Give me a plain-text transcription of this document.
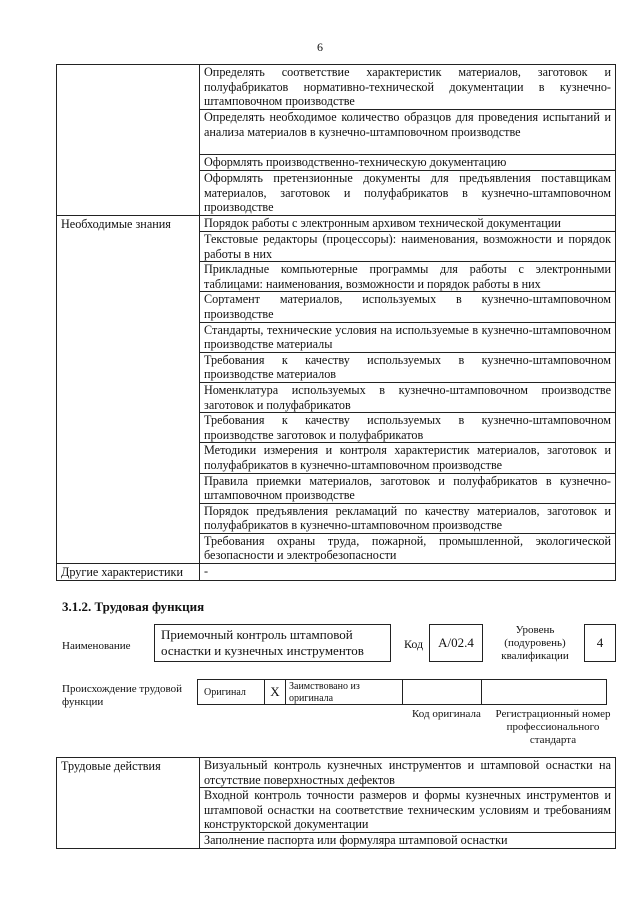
6
	Определять соответствие характеристик материалов, заготовок и полуфабрикатов нормативно-технической документации в кузнечно-штамповочном производстве
	Определять необходимое количество образцов для проведения испытаний и анализа материалов в кузнечно-штамповочном производстве
	Оформлять производственно-техническую документацию
	Оформлять претензионные документы для предъявления поставщикам материалов, заготовок и полуфабрикатов в кузнечно-штамповочном производстве
Необходимые знания	Порядок работы с электронным архивом технической документации
	Текстовые редакторы (процессоры): наименования, возможности и порядок работы в них
	Прикладные компьютерные программы для работы с электронными таблицами: наименования, возможности и порядок работы в них
	Сортамент материалов, используемых в кузнечно-штамповочном производстве
	Стандарты, технические условия на используемые в кузнечно-штамповочном производстве материалы
	Требования к качеству используемых в кузнечно-штамповочном производстве материалов
	Номенклатура используемых в кузнечно-штамповочном производстве заготовок и полуфабрикатов
	Требования к качеству используемых в кузнечно-штамповочном производстве заготовок и полуфабрикатов
	Методики измерения и контроля характеристик материалов, заготовок и полуфабрикатов в кузнечно-штамповочном производстве
	Правила приемки материалов, заготовок и полуфабрикатов в кузнечно-штамповочном производстве
	Порядок предъявления рекламаций по качеству материалов, заготовок и полуфабрикатов в кузнечно-штамповочном производстве
	Требования охраны труда, пожарной, промышленной, экологической безопасности и электробезопасности
Другие характеристики	-
3.1.2. Трудовая функция
Наименование
Приемочный контроль штамповой оснастки и кузнечных инструментов	Код	А/02.4
Уровень (подуровень) квалификации
4
Происхождение трудовой функции
Оригинал	X Заимствовано из оригинала
Код оригинала	Регистрационный номер профессионального стандарта
Трудовые действия	Визуальный контроль кузнечных инструментов и штамповой оснастки на отсутствие поверхностных дефектов
Входной контроль точности размеров и формы кузнечных инструментов и штамповой оснастки на соответствие техническим условиям и требованиям конструкторской документации
Заполнение паспорта или формуляра штамповой оснастки
